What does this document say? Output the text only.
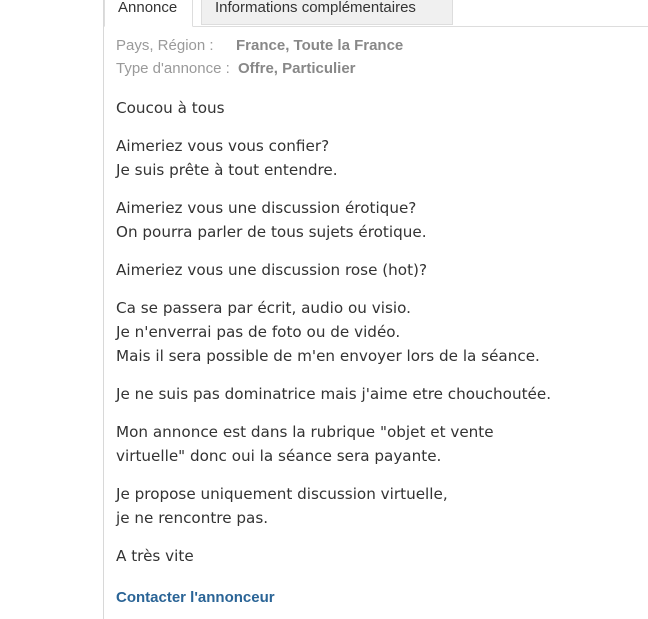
Annonce	Informations complémentaires
Pays, Région : France, Toute la France
Type d'annonce : Offre, Particulier

Coucou à tous

Aimeriez vous vous confier?
Je suis prête à tout entendre.

Aimeriez vous une discussion érotique?
On pourra parler de tous sujets érotique.

Aimeriez vous une discussion rose (hot)?

Ca se passera par écrit, audio ou visio.
Je n'enverrai pas de foto ou de vidéo.
Mais il sera possible de m'en envoyer lors de la séance.

Je ne suis pas dominatrice mais j'aime etre chouchoutée.

Mon annonce est dans la rubrique "objet et vente
virtuelle" donc oui la séance sera payante.

Je propose uniquement discussion virtuelle,
je ne rencontre pas.

A très vite

Contacter l'annonceur
